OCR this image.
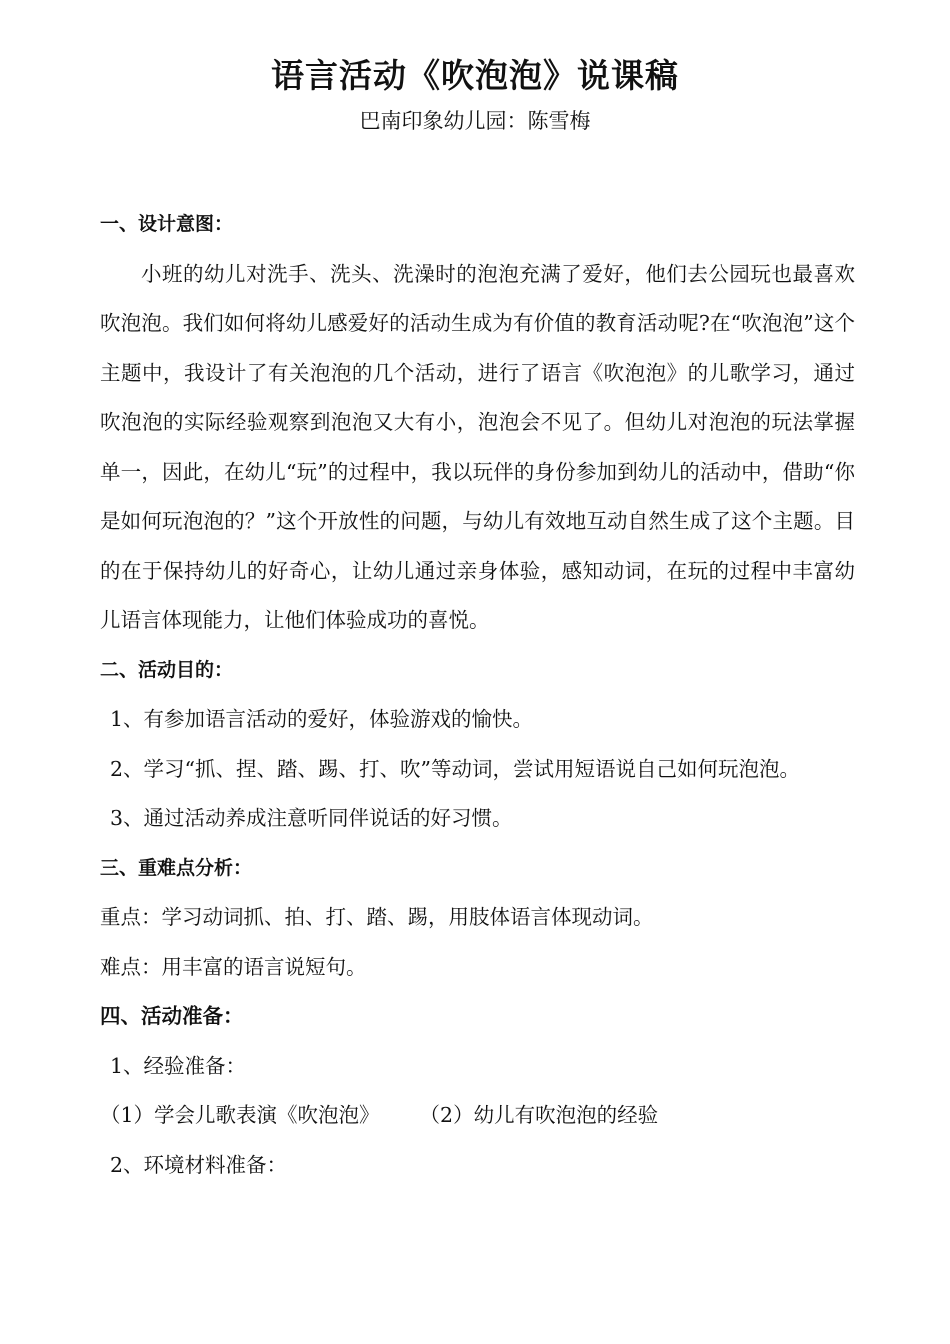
语言活动《吹泡泡》说课稿
巴南印象幼儿园：陈雪梅

一、设计意图：

小班的幼儿对洗手、洗头、洗澡时的泡泡充满了爱好，他们去公园玩也最喜欢吹泡泡。我们如何将幼儿感爱好的活动生成为有价值的教育活动呢?在“吹泡泡”这个主题中，我设计了有关泡泡的几个活动，进行了语言《吹泡泡》的儿歌学习，通过吹泡泡的实际经验观察到泡泡又大有小，泡泡会不见了。但幼儿对泡泡的玩法掌握单一，因此，在幼儿“玩”的过程中，我以玩伴的身份参加到幼儿的活动中，借助“你是如何玩泡泡的？”这个开放性的问题，与幼儿有效地互动自然生成了这个主题。目的在于保持幼儿的好奇心，让幼儿通过亲身体验，感知动词，在玩的过程中丰富幼儿语言体现能力，让他们体验成功的喜悦。

二、活动目的：

1、有参加语言活动的爱好，体验游戏的愉快。

2、学习“抓、捏、踏、踢、打、吹”等动词，尝试用短语说自己如何玩泡泡。

3、通过活动养成注意听同伴说话的好习惯。

三、重难点分析：

重点：学习动词抓、拍、打、踏、踢，用肢体语言体现动词。

难点：用丰富的语言说短句。

四、活动准备：

1、经验准备：

（1）学会儿歌表演《吹泡泡》 （2）幼儿有吹泡泡的经验

2、环境材料准备：
